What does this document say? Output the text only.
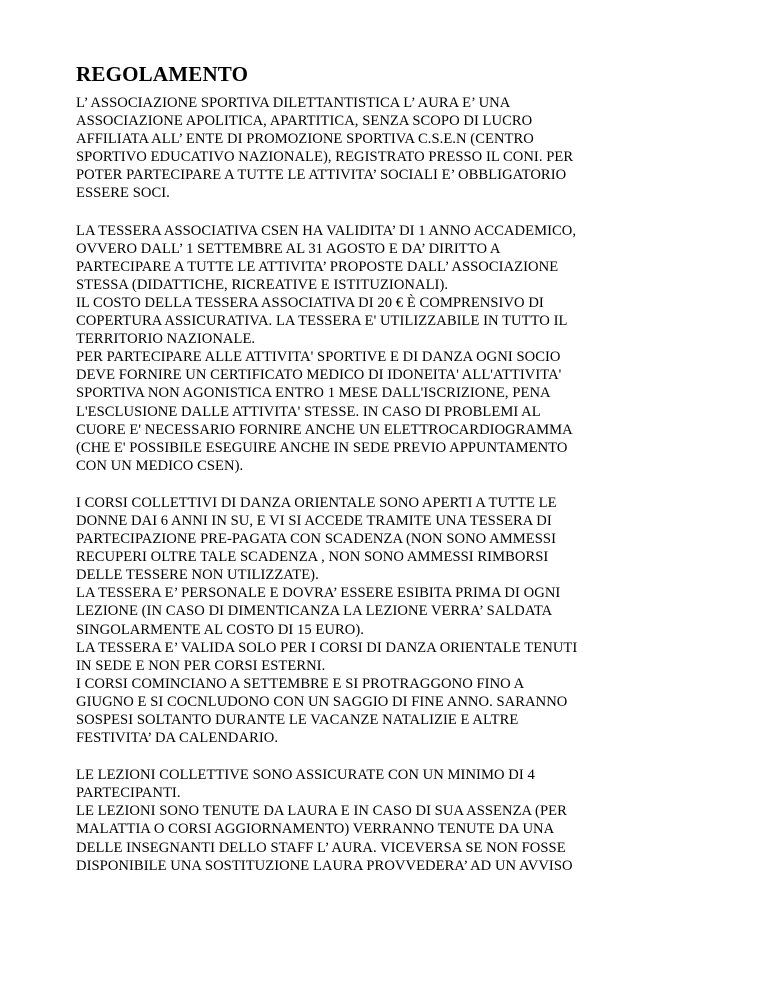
REGOLAMENTO
L’ ASSOCIAZIONE SPORTIVA DILETTANTISTICA L’ AURA E’ UNA
ASSOCIAZIONE APOLITICA, APARTITICA, SENZA SCOPO DI LUCRO
AFFILIATA ALL’ ENTE DI PROMOZIONE SPORTIVA C.S.E.N (CENTRO
SPORTIVO EDUCATIVO NAZIONALE), REGISTRATO PRESSO IL CONI. PER
POTER PARTECIPARE A TUTTE LE ATTIVITA’ SOCIALI E’ OBBLIGATORIO
ESSERE SOCI.
LA TESSERA ASSOCIATIVA CSEN HA VALIDITA’ DI 1 ANNO ACCADEMICO,
OVVERO DALL’ 1 SETTEMBRE AL 31 AGOSTO E DA’ DIRITTO A
PARTECIPARE A TUTTE LE ATTIVITA’ PROPOSTE DALL’ ASSOCIAZIONE
STESSA (DIDATTICHE, RICREATIVE E ISTITUZIONALI).
IL COSTO DELLA TESSERA ASSOCIATIVA DI 20 € È COMPRENSIVO DI
COPERTURA ASSICURATIVA. LA TESSERA E' UTILIZZABILE IN TUTTO IL
TERRITORIO NAZIONALE.
PER PARTECIPARE ALLE ATTIVITA' SPORTIVE E DI DANZA OGNI SOCIO
DEVE FORNIRE UN CERTIFICATO MEDICO DI IDONEITA' ALL'ATTIVITA'
SPORTIVA NON AGONISTICA ENTRO 1 MESE DALL'ISCRIZIONE, PENA
L'ESCLUSIONE DALLE ATTIVITA' STESSE. IN CASO DI PROBLEMI AL
CUORE E' NECESSARIO FORNIRE ANCHE UN ELETTROCARDIOGRAMMA
(CHE E' POSSIBILE ESEGUIRE ANCHE IN SEDE PREVIO APPUNTAMENTO
CON UN MEDICO CSEN).
I CORSI COLLETTIVI DI DANZA ORIENTALE SONO APERTI A TUTTE LE
DONNE DAI 6 ANNI IN SU, E VI SI ACCEDE TRAMITE UNA TESSERA DI
PARTECIPAZIONE PRE-PAGATA CON SCADENZA (NON SONO AMMESSI
RECUPERI OLTRE TALE SCADENZA , NON SONO AMMESSI RIMBORSI
DELLE TESSERE NON UTILIZZATE).
LA TESSERA E’ PERSONALE E DOVRA’ ESSERE ESIBITA PRIMA DI OGNI
LEZIONE (IN CASO DI DIMENTICANZA LA LEZIONE VERRA’ SALDATA
SINGOLARMENTE AL COSTO DI 15 EURO).
LA TESSERA E’ VALIDA SOLO PER I CORSI DI DANZA ORIENTALE TENUTI
IN SEDE E NON PER CORSI ESTERNI.
I CORSI COMINCIANO A SETTEMBRE E SI PROTRAGGONO FINO A
GIUGNO E SI COCNLUDONO CON UN SAGGIO DI FINE ANNO. SARANNO
SOSPESI SOLTANTO DURANTE LE VACANZE NATALIZIE E ALTRE
FESTIVITA’ DA CALENDARIO.
LE LEZIONI COLLETTIVE SONO ASSICURATE CON UN MINIMO DI 4
PARTECIPANTI.
LE LEZIONI SONO TENUTE DA LAURA E IN CASO DI SUA ASSENZA (PER
MALATTIA O CORSI AGGIORNAMENTO) VERRANNO TENUTE DA UNA
DELLE INSEGNANTI DELLO STAFF L’ AURA. VICEVERSA SE NON FOSSE
DISPONIBILE UNA SOSTITUZIONE LAURA PROVVEDERA’ AD UN AVVISO
